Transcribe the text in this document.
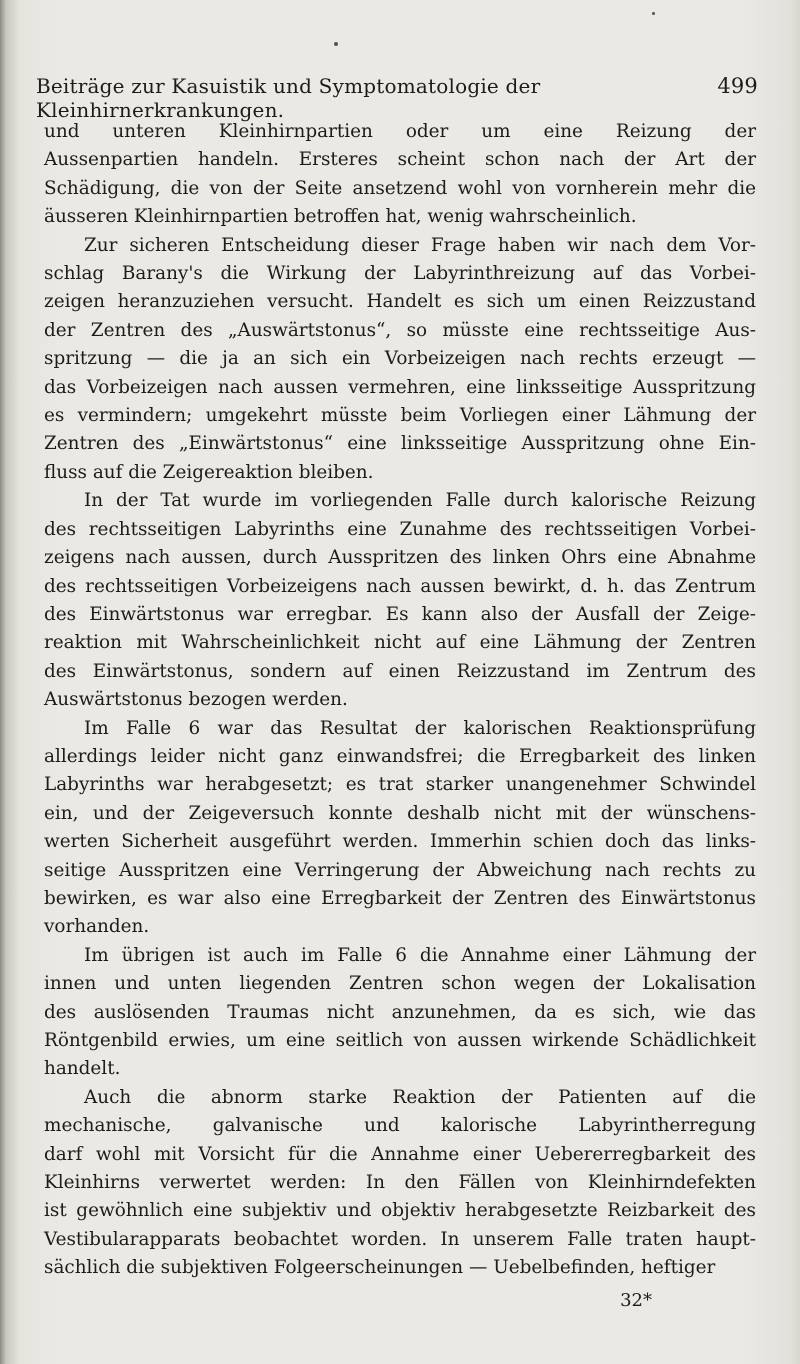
Beiträge zur Kasuistik und Symptomatologie der Kleinhirnerkrankungen.
499

und unteren Kleinhirnpartien oder um eine Reizung der
Aussenpartien handeln. Ersteres scheint schon nach der Art der
Schädigung, die von der Seite ansetzend wohl von vornherein mehr die
äusseren Kleinhirnpartien betroffen hat, wenig wahrscheinlich.

Zur sicheren Entscheidung dieser Frage haben wir nach dem Vor-
schlag Barany's die Wirkung der Labyrinthreizung auf das Vorbei-
zeigen heranzuziehen versucht. Handelt es sich um einen Reizzustand
der Zentren des „Auswärtstonus“, so müsste eine rechtsseitige Aus-
spritzung — die ja an sich ein Vorbeizeigen nach rechts erzeugt —
das Vorbeizeigen nach aussen vermehren, eine linksseitige Ausspritzung
es vermindern; umgekehrt müsste beim Vorliegen einer Lähmung der
Zentren des „Einwärtstonus“ eine linksseitige Ausspritzung ohne Ein-
fluss auf die Zeigereaktion bleiben.

In der Tat wurde im vorliegenden Falle durch kalorische Reizung
des rechtsseitigen Labyrinths eine Zunahme des rechtsseitigen Vorbei-
zeigens nach aussen, durch Ausspritzen des linken Ohrs eine Abnahme
des rechtsseitigen Vorbeizeigens nach aussen bewirkt, d. h. das Zentrum
des Einwärtstonus war erregbar. Es kann also der Ausfall der Zeige-
reaktion mit Wahrscheinlichkeit nicht auf eine Lähmung der Zentren
des Einwärtstonus, sondern auf einen Reizzustand im Zentrum des
Auswärtstonus bezogen werden.

Im Falle 6 war das Resultat der kalorischen Reaktionsprüfung
allerdings leider nicht ganz einwandsfrei; die Erregbarkeit des linken
Labyrinths war herabgesetzt; es trat starker unangenehmer Schwindel
ein, und der Zeigeversuch konnte deshalb nicht mit der wünschens-
werten Sicherheit ausgeführt werden. Immerhin schien doch das links-
seitige Ausspritzen eine Verringerung der Abweichung nach rechts zu
bewirken, es war also eine Erregbarkeit der Zentren des Einwärtstonus
vorhanden.

Im übrigen ist auch im Falle 6 die Annahme einer Lähmung der
innen und unten liegenden Zentren schon wegen der Lokalisation
des auslösenden Traumas nicht anzunehmen, da es sich, wie das
Röntgenbild erwies, um eine seitlich von aussen wirkende Schädlichkeit
handelt.

Auch die abnorm starke Reaktion der Patienten auf die
mechanische, galvanische und kalorische Labyrintherregung
darf wohl mit Vorsicht für die Annahme einer Uebererregbarkeit des
Kleinhirns verwertet werden: In den Fällen von Kleinhirndefekten
ist gewöhnlich eine subjektiv und objektiv herabgesetzte Reizbarkeit des
Vestibularapparats beobachtet worden. In unserem Falle traten haupt-
sächlich die subjektiven Folgeerscheinungen — Uebelbefinden, heftiger

32*
